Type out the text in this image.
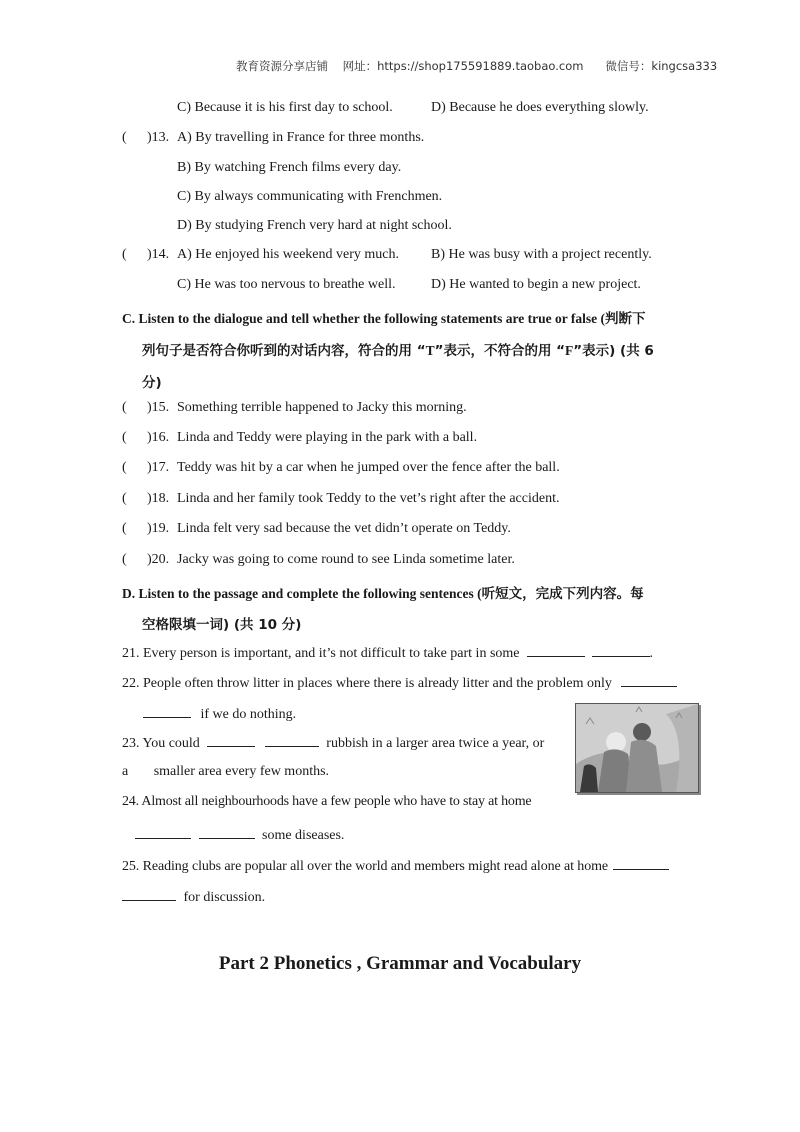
教育资源分享店铺 网址：https://shop175591889.taobao.com 微信号：kingcsa333
C) Because it is his first day to school.	D) Because he does everything slowly.
( )13. A) By travelling in France for three months.
B) By watching French films every day.
C) By always communicating with Frenchmen.
D) By studying French very hard at night school.
( )14. A) He enjoyed his weekend very much. B) He was busy with a project recently.
C) He was too nervous to breathe well.	D) He wanted to begin a new project.
C. Listen to the dialogue and tell whether the following statements are true or false (判断下
列句子是否符合你听到的对话内容，符合的用 “T”表示，不符合的用 “F”表示) (共 6
分)
( )15. Something terrible happened to Jacky this morning.
( )16. Linda and Teddy were playing in the park with a ball.
( )17. Teddy was hit by a car when he jumped over the fence after the ball.
( )18. Linda and her family took Teddy to the vet’s right after the accident.
( )19. Linda felt very sad because the vet didn’t operate on Teddy.
( )20. Jacky was going to come round to see Linda sometime later.
D. Listen to the passage and complete the following sentences (听短文，完成下列内容。每
空格限填一词) (共 10 分)
21. Every person is important, and it’s not difficult to take part in some	.
22. People often throw litter in places where there is already litter and the problem only
if we do nothing.
23. You could	rubbish in a larger area twice a year, or
a smaller area every few months.
24. Almost all neighbourhoods have a few people who have to stay at home
some diseases.
25. Reading clubs are popular all over the world and members might read alone at home
for discussion.
Part 2 Phonetics , Grammar and Vocabulary
